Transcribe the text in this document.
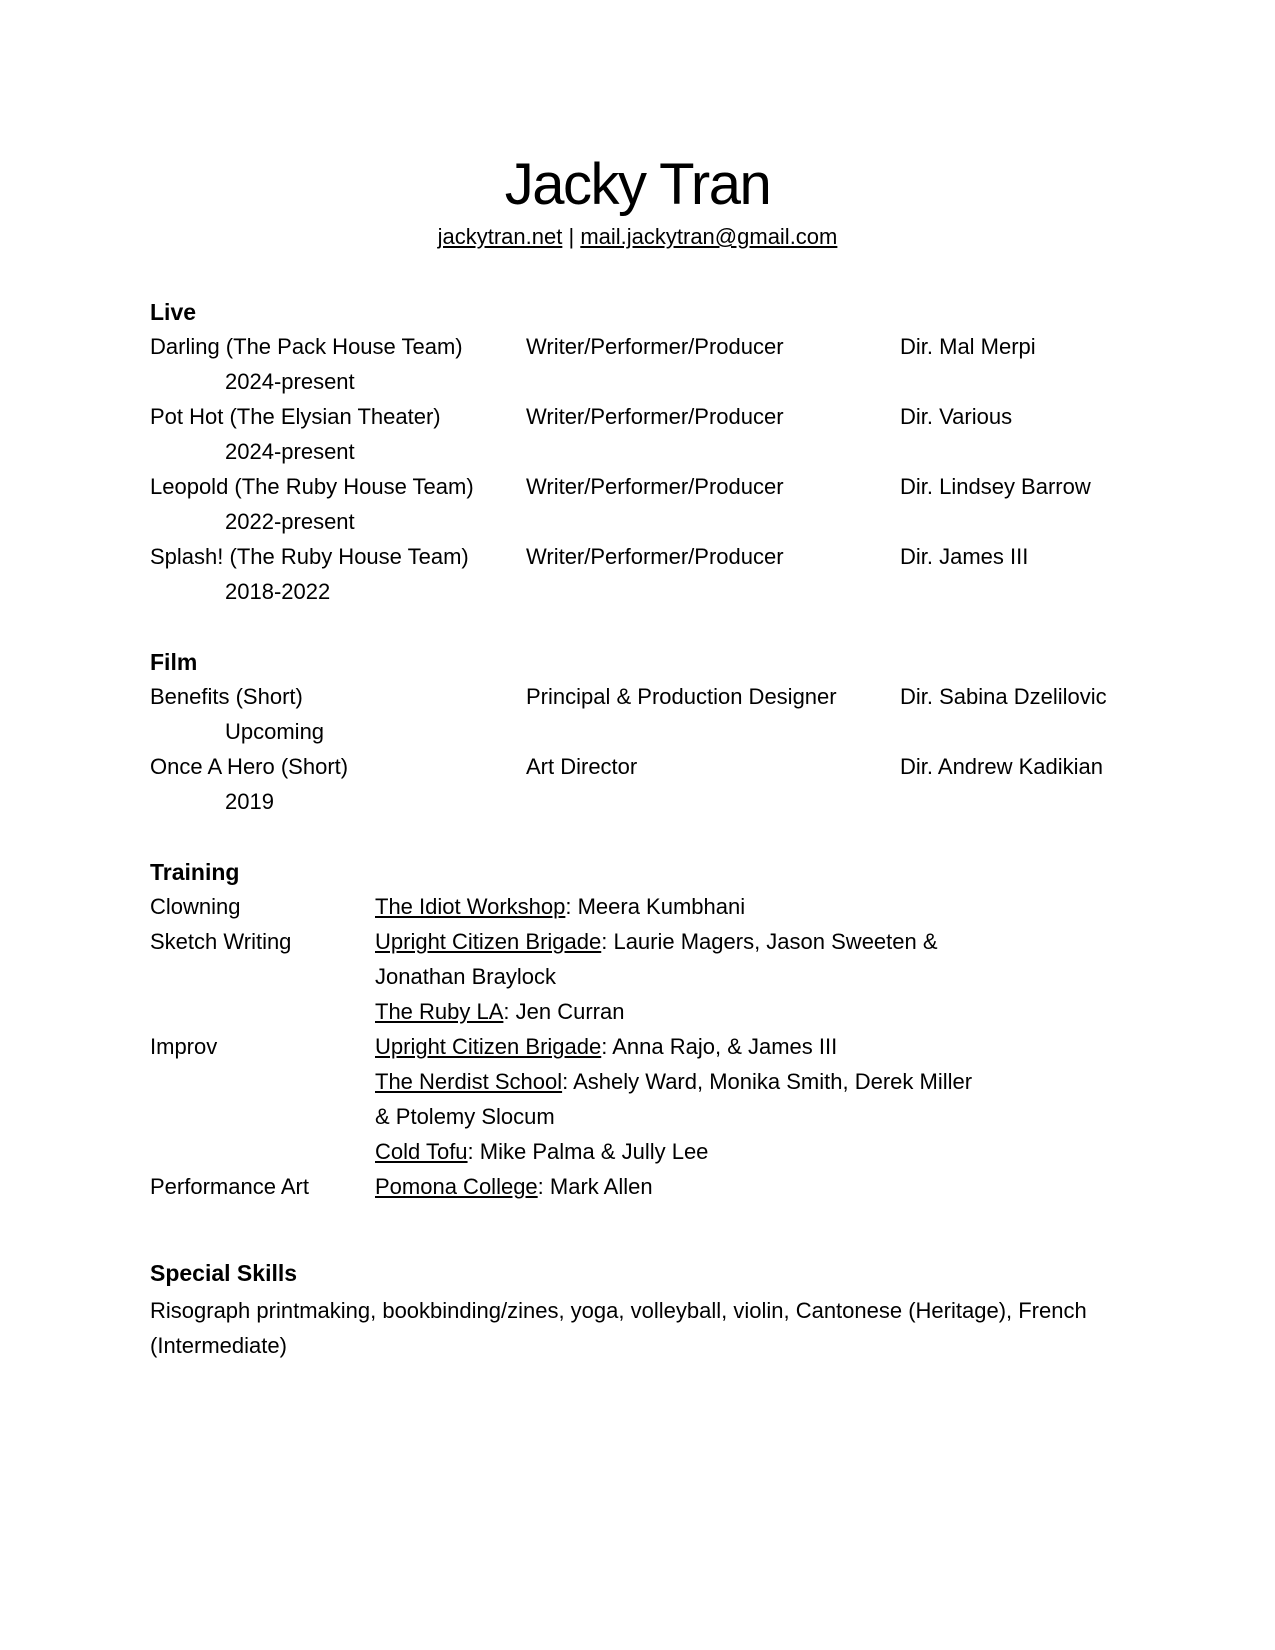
Jacky Tran
jackytran.net | mail.jackytran@gmail.com
Live
Darling (The Pack House Team)	Writer/Performer/Producer	Dir. Mal Merpi
2024-present
Pot Hot (The Elysian Theater)	Writer/Performer/Producer	Dir. Various
2024-present
Leopold (The Ruby House Team) Writer/Performer/Producer	Dir. Lindsey Barrow
2022-present
Splash! (The Ruby House Team)	Writer/Performer/Producer	Dir. James III
2018-2022
Film
Benefits (Short)	Principal & Production Designer	Dir. Sabina Dzelilovic
Upcoming
Once A Hero (Short)	Art Director	Dir. Andrew Kadikian
2019
Training
Clowning	The Idiot Workshop: Meera Kumbhani
Sketch Writing	Upright Citizen Brigade: Laurie Magers, Jason Sweeten &
Jonathan Braylock
The Ruby LA: Jen Curran
Improv	Upright Citizen Brigade: Anna Rajo, & James III
The Nerdist School: Ashely Ward, Monika Smith, Derek Miller
& Ptolemy Slocum
Cold Tofu: Mike Palma & Jully Lee
Performance Art	Pomona College: Mark Allen
Special Skills
Risograph printmaking, bookbinding/zines, yoga, volleyball, violin, Cantonese (Heritage), French (Intermediate)
